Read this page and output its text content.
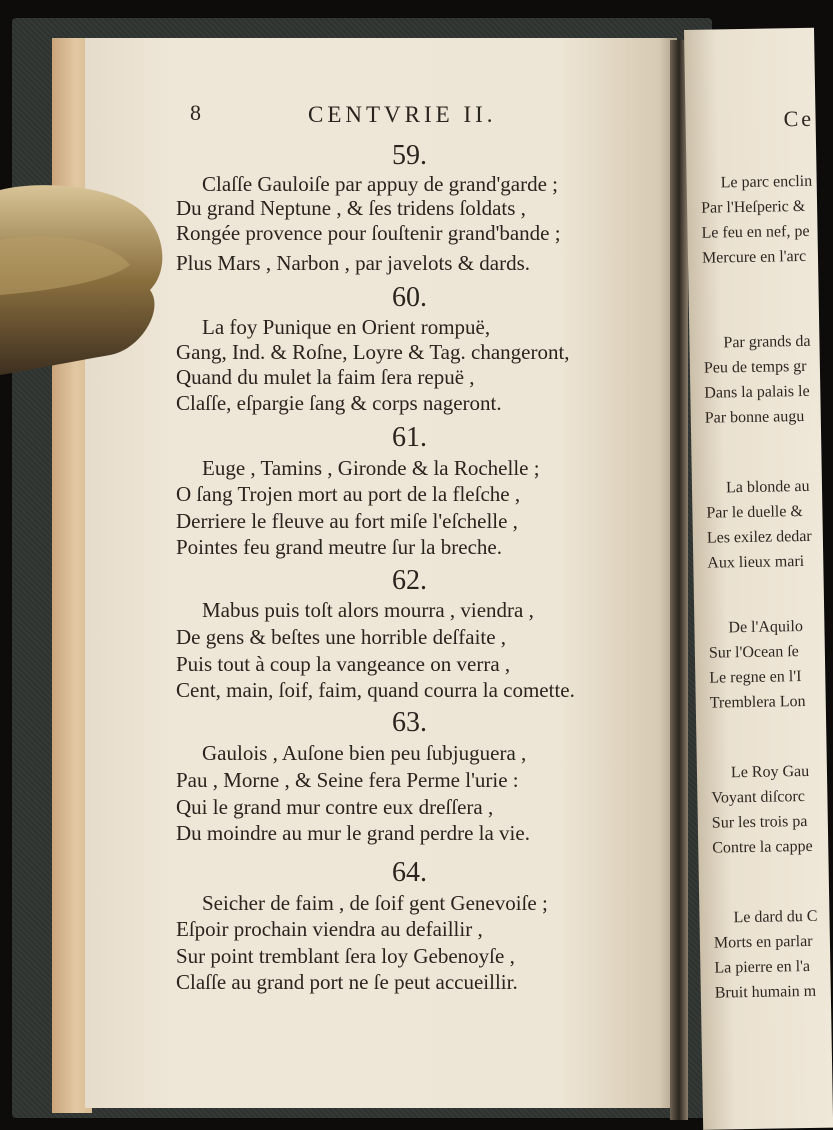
Ce
Le parc enclin
Par l'Heſperic &
Le feu en nef, pe
Mercure en l'arc
Par grands da
Peu de temps gr
Dans la palais le
Par bonne augu
La blonde au
Par le duelle &
Les exilez dedar
Aux lieux mari
De l'Aquilo
Sur l'Ocean ſe
Le regne en l'I
Tremblera Lon
Le Roy Gau
Voyant diſcorc
Sur les trois pa
Contre la cappe
Le dard du C
Morts en parlar
La pierre en l'a
Bruit humain m
8	CENTVRIE II.
59.
Claſſe Gauloiſe par appuy de grand'garde ;
Du grand Neptune , & ſes tridens ſoldats ,
Rongée provence pour ſouſtenir grand'bande ;
Plus Mars , Narbon , par javelots & dards.
60.
La foy Punique en Orient rompuë,
Gang, Ind. & Roſne, Loyre & Tag. changeront,
Quand du mulet la faim ſera repuë ,
Claſſe, eſpargie ſang & corps nageront.
61.
Euge , Tamins , Gironde & la Rochelle ;
O ſang Trojen mort au port de la fleſche ,
Derriere le fleuve au fort miſe l'eſchelle ,
Pointes feu grand meutre ſur la breche.
62.
Mabus puis toſt alors mourra , viendra ,
De gens & beſtes une horrible deſfaite ,
Puis tout à coup la vangeance on verra ,
Cent, main, ſoif, faim, quand courra la comette.
63.
Gaulois , Auſone bien peu ſubjuguera ,
Pau , Morne , & Seine fera Perme l'urie :
Qui le grand mur contre eux dreſſera ,
Du moindre au mur le grand perdre la vie.
64.
Seicher de faim , de ſoif gent Genevoiſe ;
Eſpoir prochain viendra au defaillir ,
Sur point tremblant ſera loy Gebenoyſe ,
Claſſe au grand port ne ſe peut accueillir.
